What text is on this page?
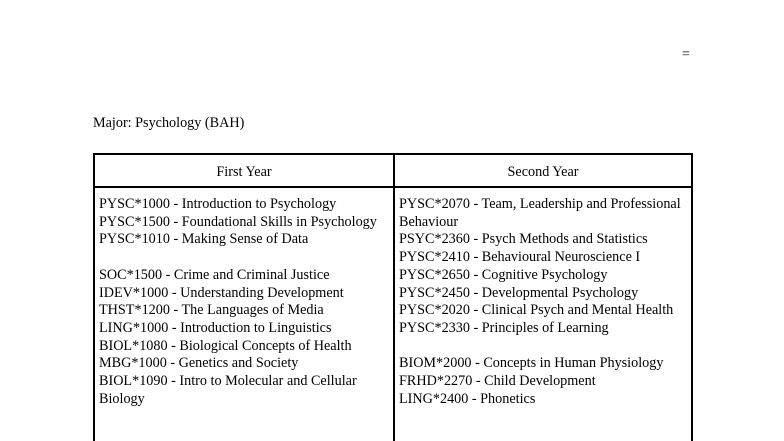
=
Major: Psychology (BAH)
First Year	Second Year
PYSC*1000 - Introduction to Psychology
PYSC*1500 - Foundational Skills in Psychology
PYSC*1010 - Making Sense of Data
SOC*1500 - Crime and Criminal Justice
IDEV*1000 - Understanding Development
THST*1200 - The Languages of Media
LING*1000 - Introduction to Linguistics
BIOL*1080 - Biological Concepts of Health
MBG*1000 - Genetics and Society
BIOL*1090 - Intro to Molecular and Cellular Biology
PYSC*2070 - Team, Leadership and Professional Behaviour
PSYC*2360 - Psych Methods and Statistics
PYSC*2410 - Behavioural Neuroscience I
PYSC*2650 - Cognitive Psychology
PYSC*2450 - Developmental Psychology
PYSC*2020 - Clinical Psych and Mental Health
PYSC*2330 - Principles of Learning
BIOM*2000 - Concepts in Human Physiology
FRHD*2270 - Child Development
LING*2400 - Phonetics
